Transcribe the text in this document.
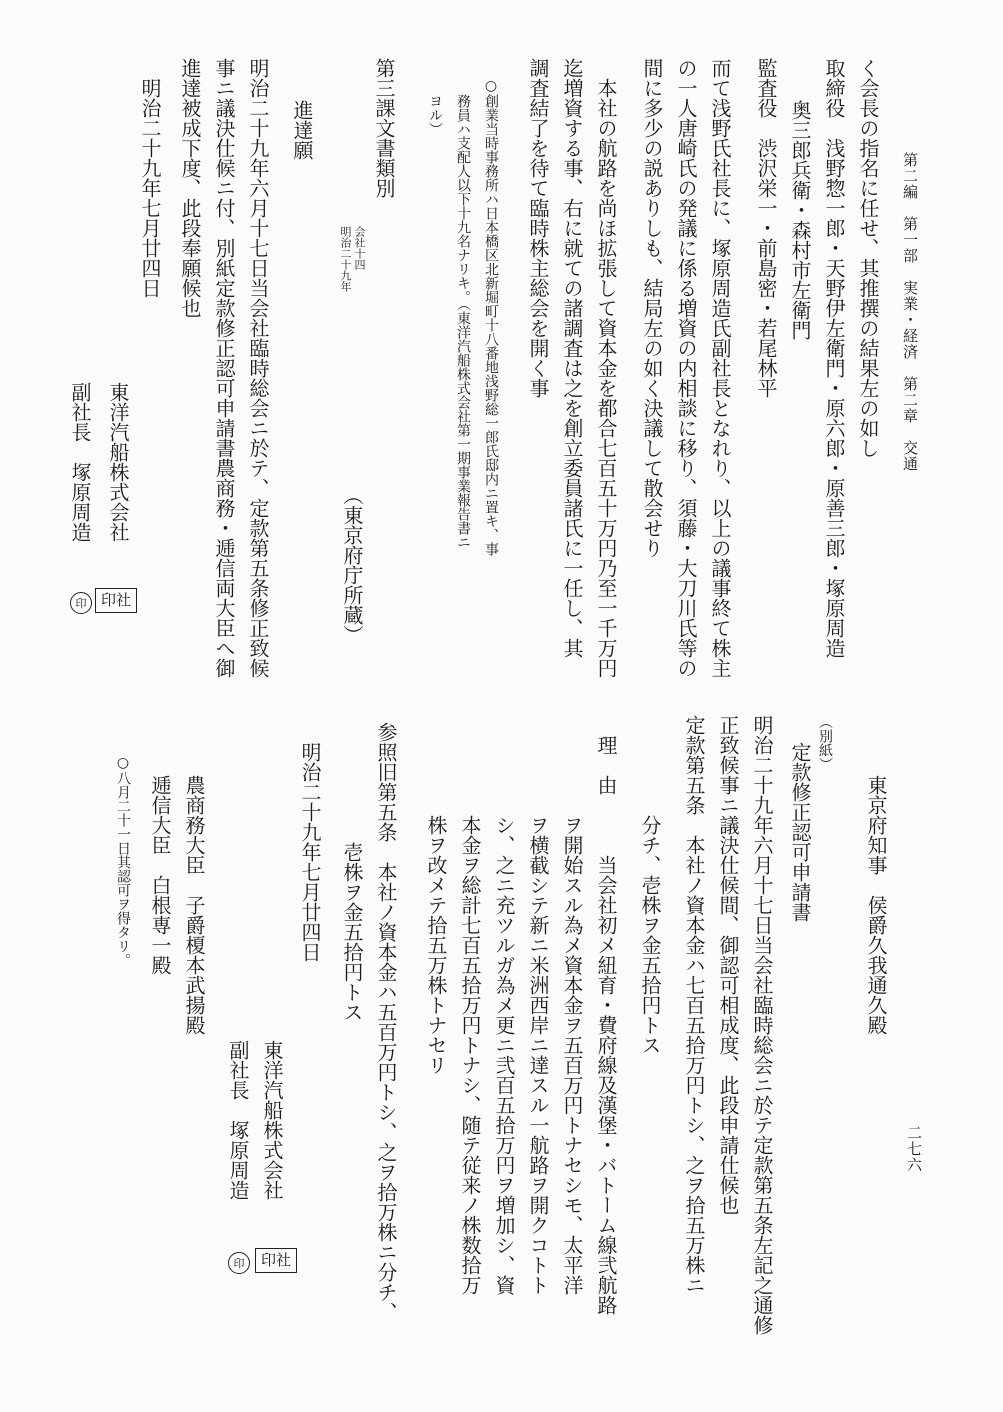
第二編　第一部　実業・経済　第二章　交通
二七六
く会長の指名に任せ、其推撰の結果左の如し
取締役　浅野惣一郎・天野伊左衛門・原六郎・原善三郎・塚原周造
奥三郎兵衛・森村市左衛門
監査役　渋沢栄一・前島密・若尾林平
而て浅野氏社長に、塚原周造氏副社長となれり、以上の議事終て株主
の一人唐崎氏の発議に係る増資の内相談に移り、須藤・大刀川氏等の
間に多少の説ありしも、結局左の如く決議して散会せり
本社の航路を尚ほ拡張して資本金を都合七百五十万円乃至一千万円
迄増資する事、右に就ての諸調査は之を創立委員諸氏に一任し、其
調査結了を待て臨時株主総会を開く事
○創業当時事務所ハ日本橋区北新堀町十八番地浅野総一郎氏邸内ニ置キ、事
務員ハ支配人以下十九名ナリキ。（東洋汽船株式会社第一期事業報告書ニ
ヨル）
第三課文書類別
会社十四
明治二十九年
（東京府庁所蔵）
進達願
明治二十九年六月十七日当会社臨時総会ニ於テ、定款第五条修正致候
事ニ議決仕候ニ付、別紙定款修正認可申請書農商務・逓信両大臣へ御
進達被成下度、此段奉願候也
明治二十九年七月廿四日
東洋汽船株式会社
副社長　塚原周造
印社
印
東京府知事　侯爵久我通久殿
（別紙）
定款修正認可申請書
明治二十九年六月十七日当会社臨時総会ニ於テ定款第五条左記之通修
正致候事ニ議決仕候間、御認可相成度、此段申請仕候也
定款第五条　本社ノ資本金ハ七百五拾万円トシ、之ヲ拾五万株ニ
分チ、壱株ヲ金五拾円トス
理　由
当会社初メ紐育・費府線及漢堡・バトーム線弐航路
ヲ開始スル為メ資本金ヲ五百万円トナセシモ、太平洋
ヲ横截シテ新ニ米洲西岸ニ達スル一航路ヲ開クコトト
シ、之ニ充ツルガ為メ更ニ弐百五拾万円ヲ増加シ、資
本金ヲ総計七百五拾万円トナシ、随テ従来ノ株数拾万
株ヲ改メテ拾五万株トナセリ
参照旧第五条　本社ノ資本金ハ五百万円トシ、之ヲ拾万株ニ分チ、
壱株ヲ金五拾円トス
明治二十九年七月廿四日
東洋汽船株式会社
副社長　塚原周造
印社
印
農商務大臣　子爵榎本武揚殿
逓信大臣　白根専一殿
○八月二十一日其認可ヲ得タリ。
